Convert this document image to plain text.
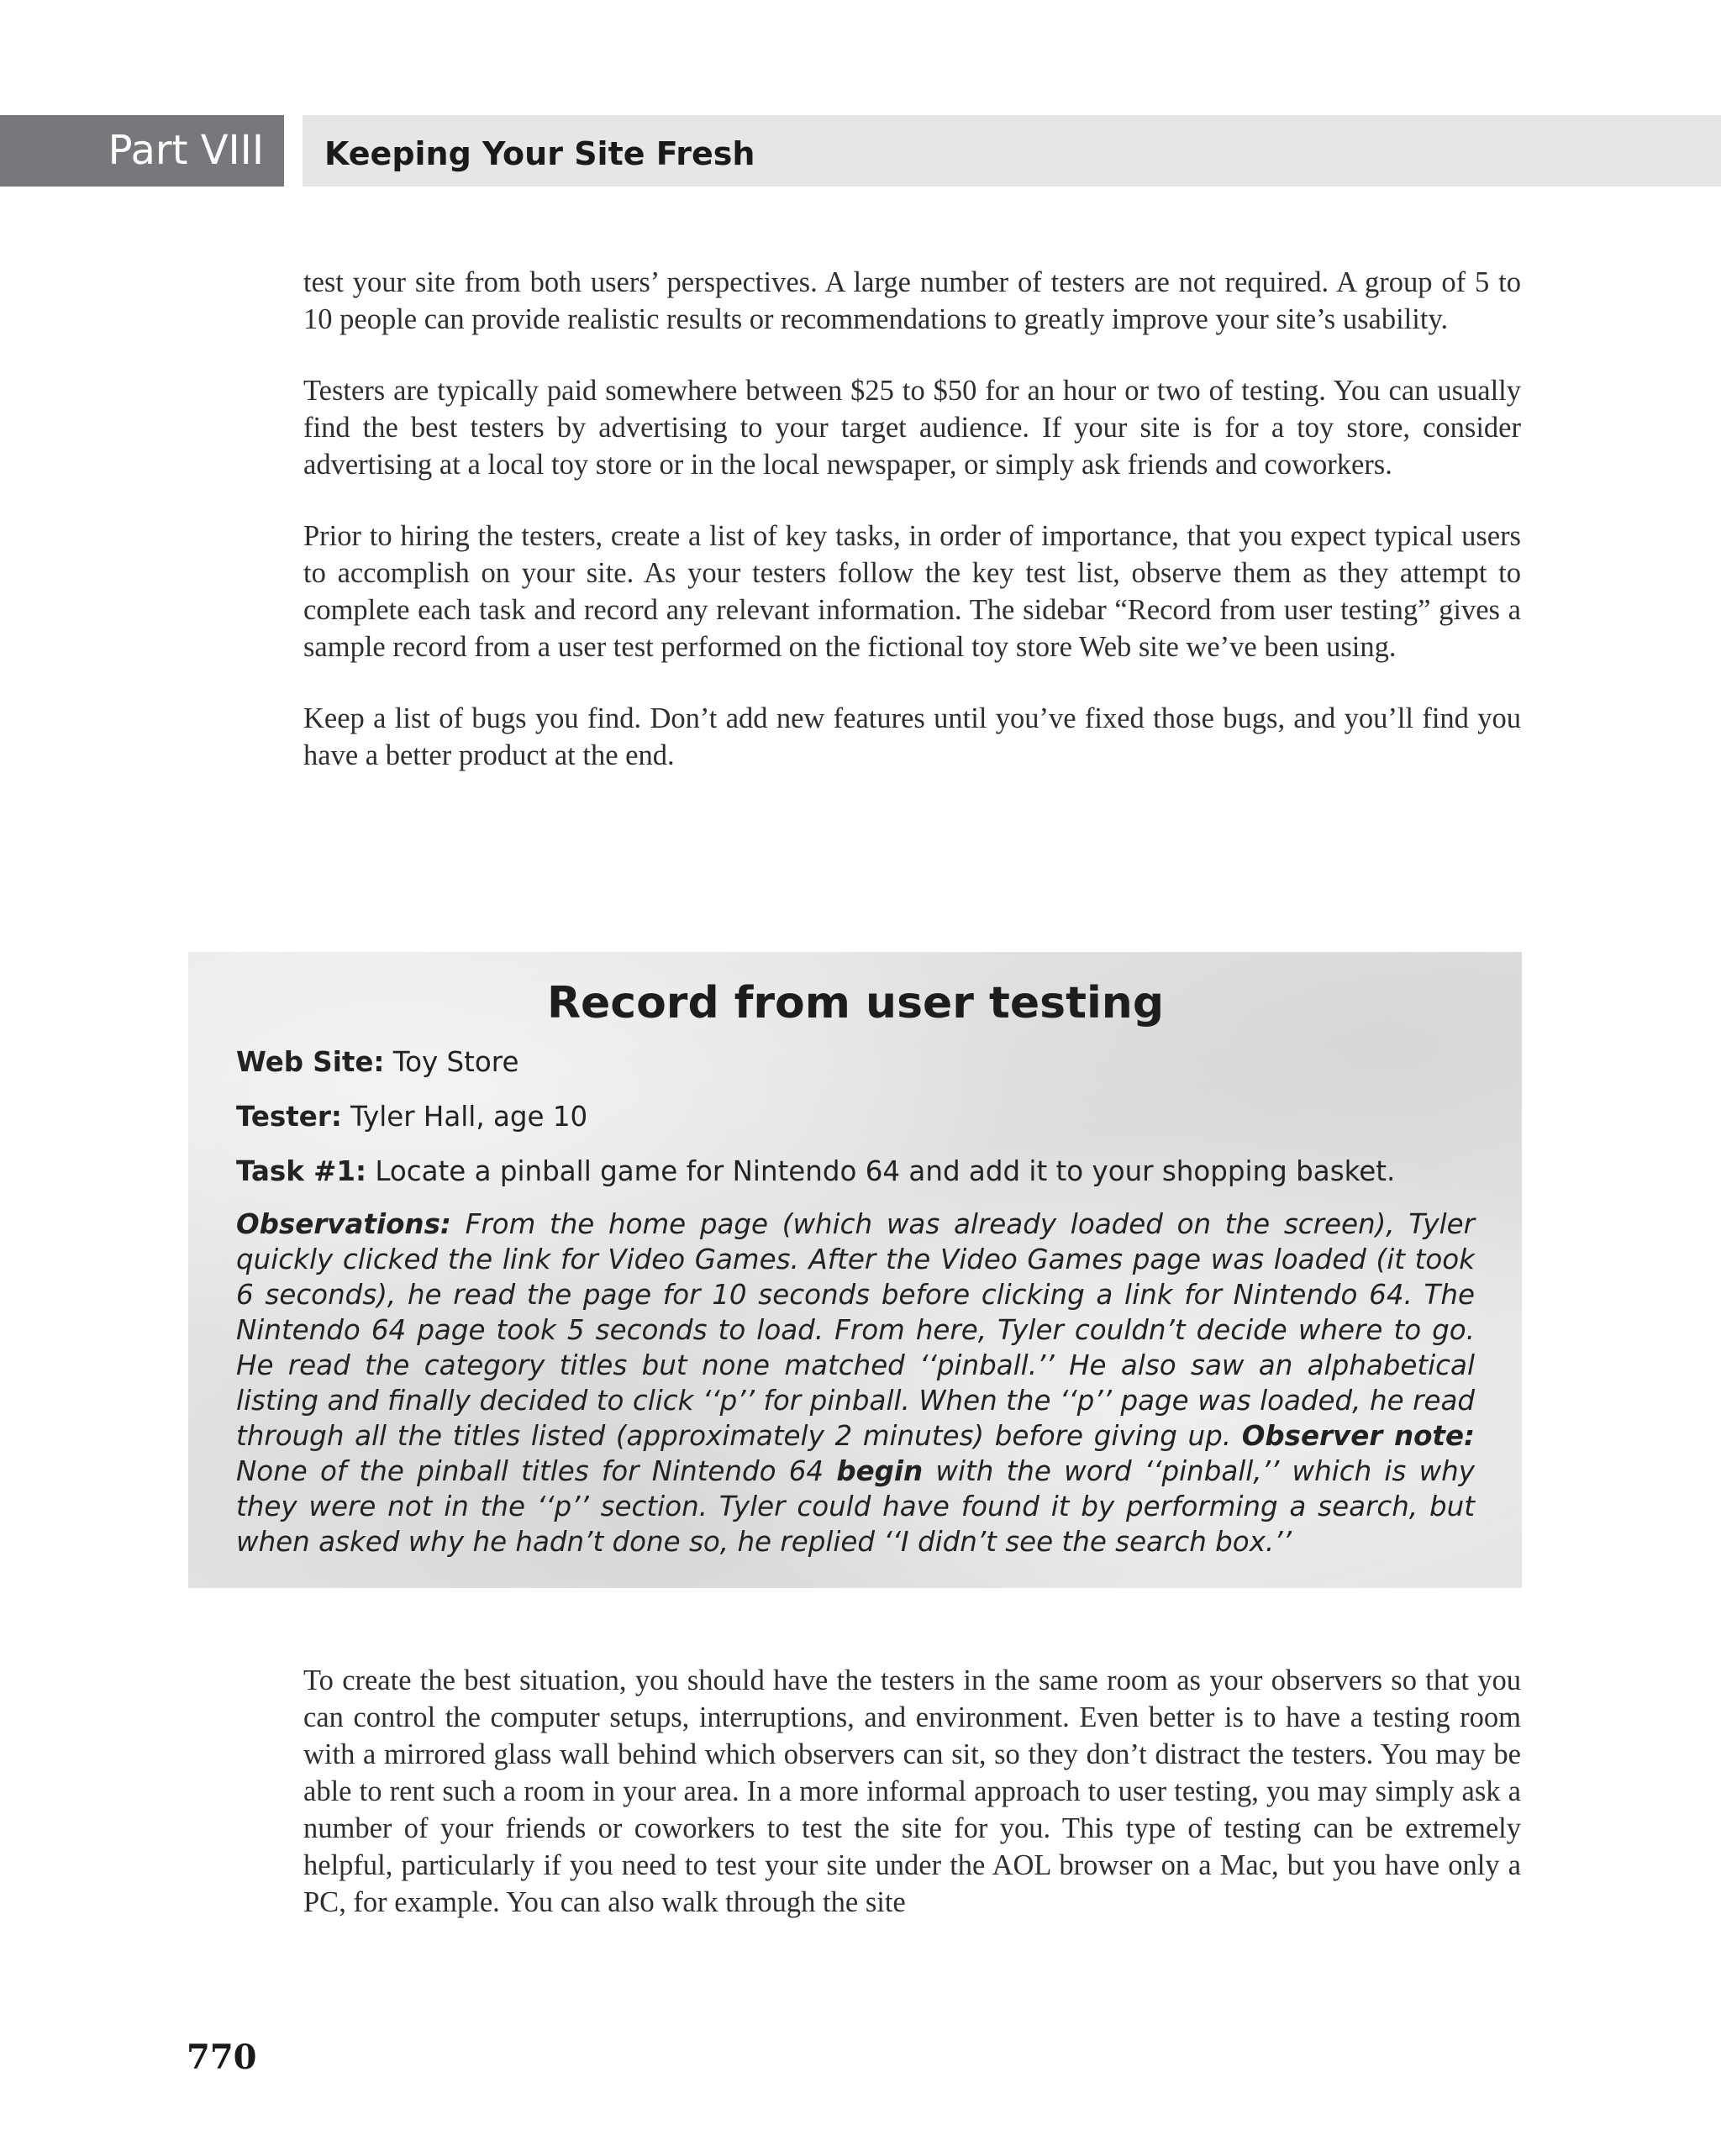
Part VIII	Keeping Your Site Fresh

test your site from both users’ perspectives. A large number of testers are not required. A group of 5 to 10 people can provide realistic results or recommendations to greatly improve your site’s usability.

Testers are typically paid somewhere between $25 to $50 for an hour or two of testing. You can usually find the best testers by advertising to your target audience. If your site is for a toy store, consider advertising at a local toy store or in the local newspaper, or simply ask friends and coworkers.

Prior to hiring the testers, create a list of key tasks, in order of importance, that you expect typical users to accomplish on your site. As your testers follow the key test list, observe them as they attempt to complete each task and record any relevant information. The sidebar “Record from user testing” gives a sample record from a user test performed on the fictional toy store Web site we’ve been using.

Keep a list of bugs you find. Don’t add new features until you’ve fixed those bugs, and you’ll find you have a better product at the end.

Record from user testing
Web Site: Toy Store
Tester: Tyler Hall, age 10
Task #1: Locate a pinball game for Nintendo 64 and add it to your shopping basket.
Observations: From the home page (which was already loaded on the screen), Tyler quickly clicked the link for Video Games. After the Video Games page was loaded (it took 6 seconds), he read the page for 10 seconds before clicking a link for Nintendo 64. The Nintendo 64 page took 5 seconds to load. From here, Tyler couldn’t decide where to go. He read the category titles but none matched ‘‘pinball.’’ He also saw an alphabetical listing and finally decided to click ‘‘p’’ for pinball. When the ‘‘p’’ page was loaded, he read through all the titles listed (approximately 2 minutes) before giving up. Observer note: None of the pinball titles for Nintendo 64 begin with the word ‘‘pinball,’’ which is why they were not in the ‘‘p’’ section. Tyler could have found it by performing a search, but when asked why he hadn’t done so, he replied ‘‘I didn’t see the search box.’’

To create the best situation, you should have the testers in the same room as your observers so that you can control the computer setups, interruptions, and environment. Even better is to have a testing room with a mirrored glass wall behind which observers can sit, so they don’t distract the testers. You may be able to rent such a room in your area. In a more informal approach to user testing, you may simply ask a number of your friends or coworkers to test the site for you. This type of testing can be extremely helpful, particularly if you need to test your site under the AOL browser on a Mac, but you have only a PC, for example. You can also walk through the site

770
